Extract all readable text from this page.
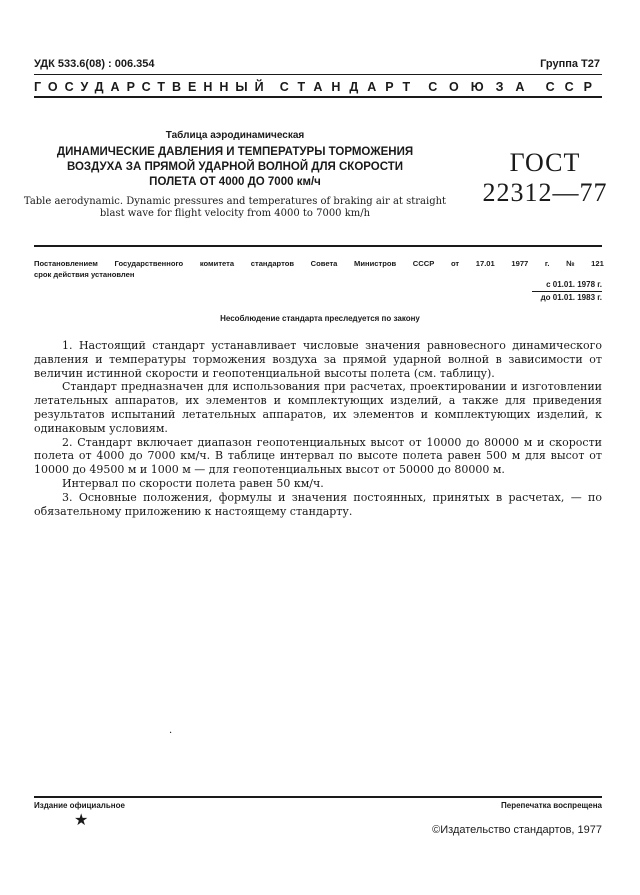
УДК 533.6(08) : 006.354	Группа Т27
ГОСУДАРСТВЕННЫЙ СТАНДАРТ СОЮЗА ССР
Таблица аэродинамическая
ДИНАМИЧЕСКИЕ ДАВЛЕНИЯ И ТЕМПЕРАТУРЫ ТОРМОЖЕНИЯ
ВОЗДУХА ЗА ПРЯМОЙ УДАРНОЙ ВОЛНОЙ ДЛЯ СКОРОСТИ
ПОЛЕТА ОТ 4000 ДО 7000 км/ч
Table aerodynamic. Dynamic pressures and temperatures of braking air at straight
blast wave for flight velocity from 4000 to 7000 km/h
ГОСТ
22312—77
Постановлением Государственного комитета стандартов Совета Министров СССР от 17.01 1977 г. № 121
срок действия установлен
с 01.01. 1978 г.
до 01.01. 1983 г.
Несоблюдение стандарта преследуется по закону

1. Настоящий стандарт устанавливает числовые значения равновесного динамического давления и температуры торможения воздуха за прямой ударной волной в зависимости от величин истинной скорости и геопотенциальной высоты полета (см. таблицу).

Стандарт предназначен для использования при расчетах, проектировании и изготовлении летательных аппаратов, их элементов и комплектующих изделий, а также для приведения результатов испытаний летательных аппаратов, их элементов и комплектующих изделий, к одинаковым условиям.

2. Стандарт включает диапазон геопотенциальных высот от 10000 до 80000 м и скорости полета от 4000 до 7000 км/ч. В таблице интервал по высоте полета равен 500 м для высот от 10000 до 49500 м и 1000 м — для геопотенциальных высот от 50000 до 80000 м.

Интервал по скорости полета равен 50 км/ч.

3. Основные положения, формулы и значения постоянных, принятых в расчетах, — по обязательному приложению к настоящему стандарту.

·
Издание официальное	Перепечатка воспрещена
★
©Издательство стандартов, 1977
